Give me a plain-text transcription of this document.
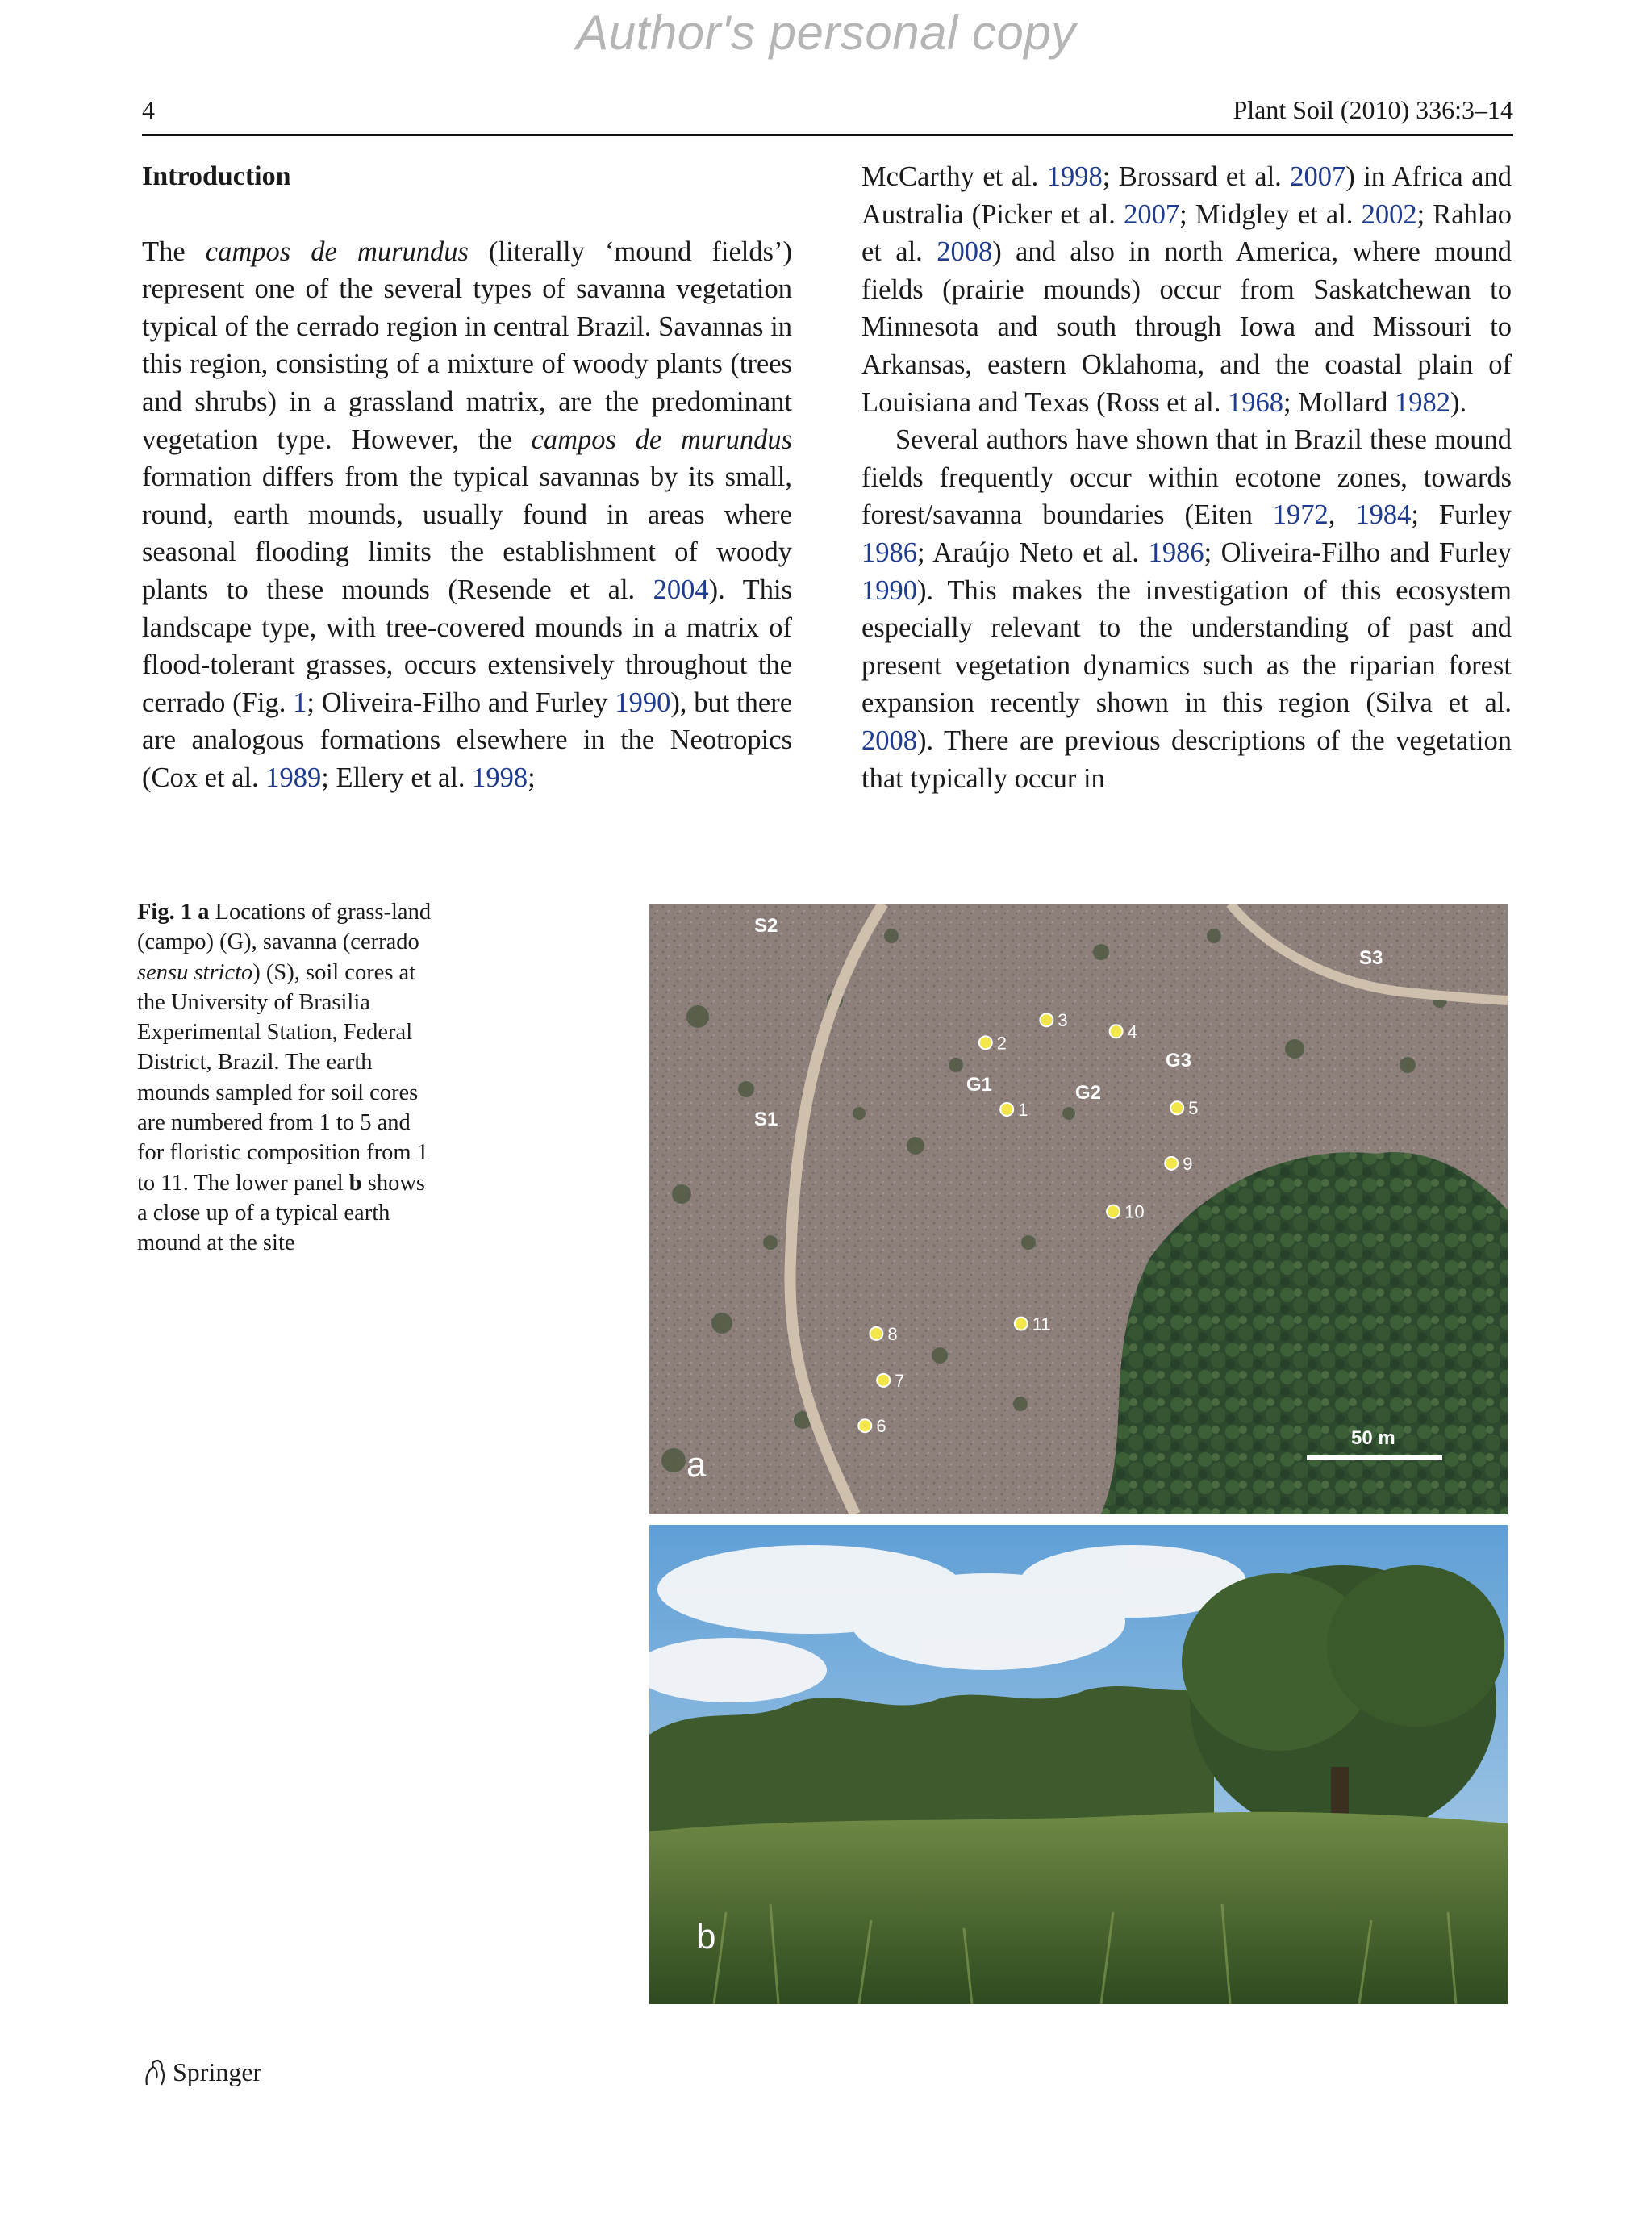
Author's personal copy
4	Plant Soil (2010) 336:3–14

Introduction

The campos de murundus (literally ‘mound fields’) represent one of the several types of savanna vegetation typical of the cerrado region in central Brazil. Savannas in this region, consisting of a mixture of woody plants (trees and shrubs) in a grassland matrix, are the predominant vegetation type. However, the campos de murundus formation differs from the typical savannas by its small, round, earth mounds, usually found in areas where seasonal flooding limits the establishment of woody plants to these mounds (Resende et al. 2004). This landscape type, with tree-covered mounds in a matrix of flood-tolerant grasses, occurs extensively throughout the cerrado (Fig. 1; Oliveira-Filho and Furley 1990), but there are analogous formations elsewhere in the Neotropics (Cox et al. 1989; Ellery et al. 1998;

McCarthy et al. 1998; Brossard et al. 2007) in Africa and Australia (Picker et al. 2007; Midgley et al. 2002; Rahlao et al. 2008) and also in north America, where mound fields (prairie mounds) occur from Saskatchewan to Minnesota and south through Iowa and Missouri to Arkansas, eastern Oklahoma, and the coastal plain of Louisiana and Texas (Ross et al. 1968; Mollard 1982).

Several authors have shown that in Brazil these mound fields frequently occur within ecotone zones, towards forest/savanna boundaries (Eiten 1972, 1984; Furley 1986; Araújo Neto et al. 1986; Oliveira-Filho and Furley 1990). This makes the investigation of this ecosystem especially relevant to the understanding of past and present vegetation dynamics such as the riparian forest expansion recently shown in this region (Silva et al. 2008). There are previous descriptions of the vegetation that typically occur in

Fig. 1 a Locations of grass-land (campo) (G), savanna (cerrado sensu stricto) (S), soil cores at the University of Brasilia Experimental Station, Federal District, Brazil. The earth mounds sampled for soil cores are numbered from 1 to 5 and for floristic composition from 1 to 11. The lower panel b shows a close up of a typical earth mound at the site
50 m
S2
S3
S1
G1	G2
G3
1
2
3
4
5
6
7
8
9
10
11
a
b
Springer
